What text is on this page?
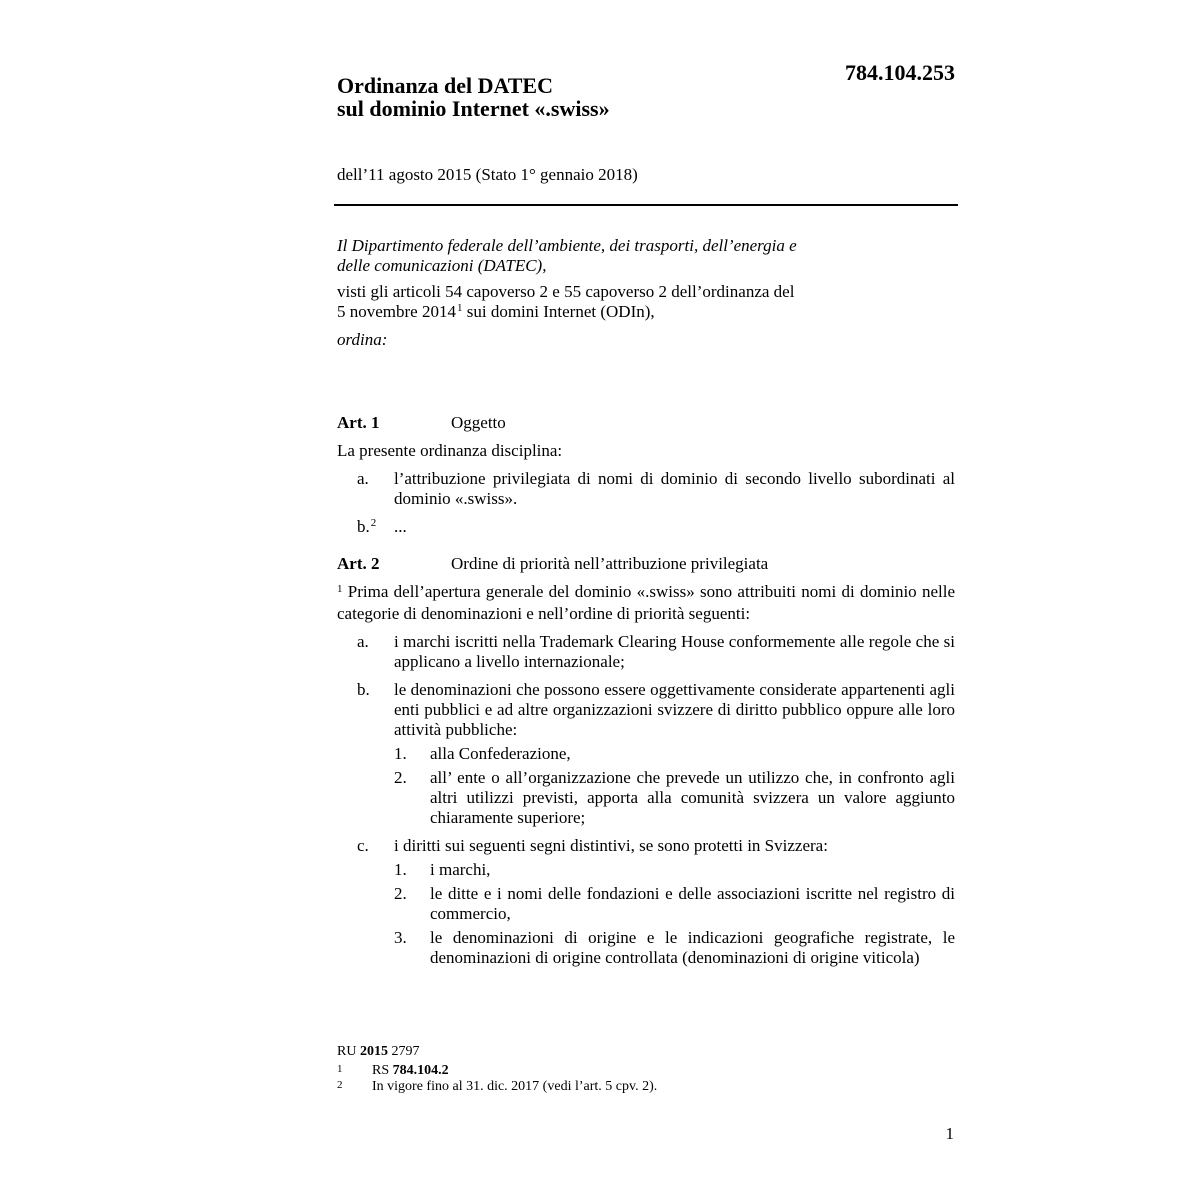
784.104.253
Ordinanza del DATEC
sul dominio Internet «.swiss»
dell’11 agosto 2015 (Stato 1° gennaio 2018)
Il Dipartimento federale dell’ambiente, dei trasporti, dell’energia e
delle comunicazioni (DATEC),
visti gli articoli 54 capoverso 2 e 55 capoverso 2 dell’ordinanza del
5 novembre 2014$^1$ sui domini Internet (ODIn),
ordina:
Art. 1	Oggetto
La presente ordinanza disciplina:
a. l’attribuzione privilegiata di nomi di dominio di secondo livello subordinati al dominio «.swiss».
b.$^2$ ...
Art. 2	Ordine di priorità nell’attribuzione privilegiata
$^1$ Prima dell’apertura generale del dominio «.swiss» sono attribuiti nomi di dominio nelle categorie di denominazioni e nell’ordine di priorità seguenti:
a. i marchi iscritti nella Trademark Clearing House conformemente alle regole che si applicano a livello internazionale;
b. le denominazioni che possono essere oggettivamente considerate appartenenti agli enti pubblici e ad altre organizzazioni svizzere di diritto pubblico oppure alle loro attività pubbliche:
1. alla Confederazione,
2. all’ ente o all’organizzazione che prevede un utilizzo che, in confronto agli altri utilizzi previsti, apporta alla comunità svizzera un valore aggiunto chiaramente superiore;
c. i diritti sui seguenti segni distintivi, se sono protetti in Svizzera:
1. i marchi,
2. le ditte e i nomi delle fondazioni e delle associazioni iscritte nel registro di commercio,
3. le denominazioni di origine e le indicazioni geografiche registrate, le denominazioni di origine controllata (denominazioni di origine viticola)
RU 2015 2797
1 RS 784.104.2
2 In vigore fino al 31. dic. 2017 (vedi l’art. 5 cpv. 2).
1
